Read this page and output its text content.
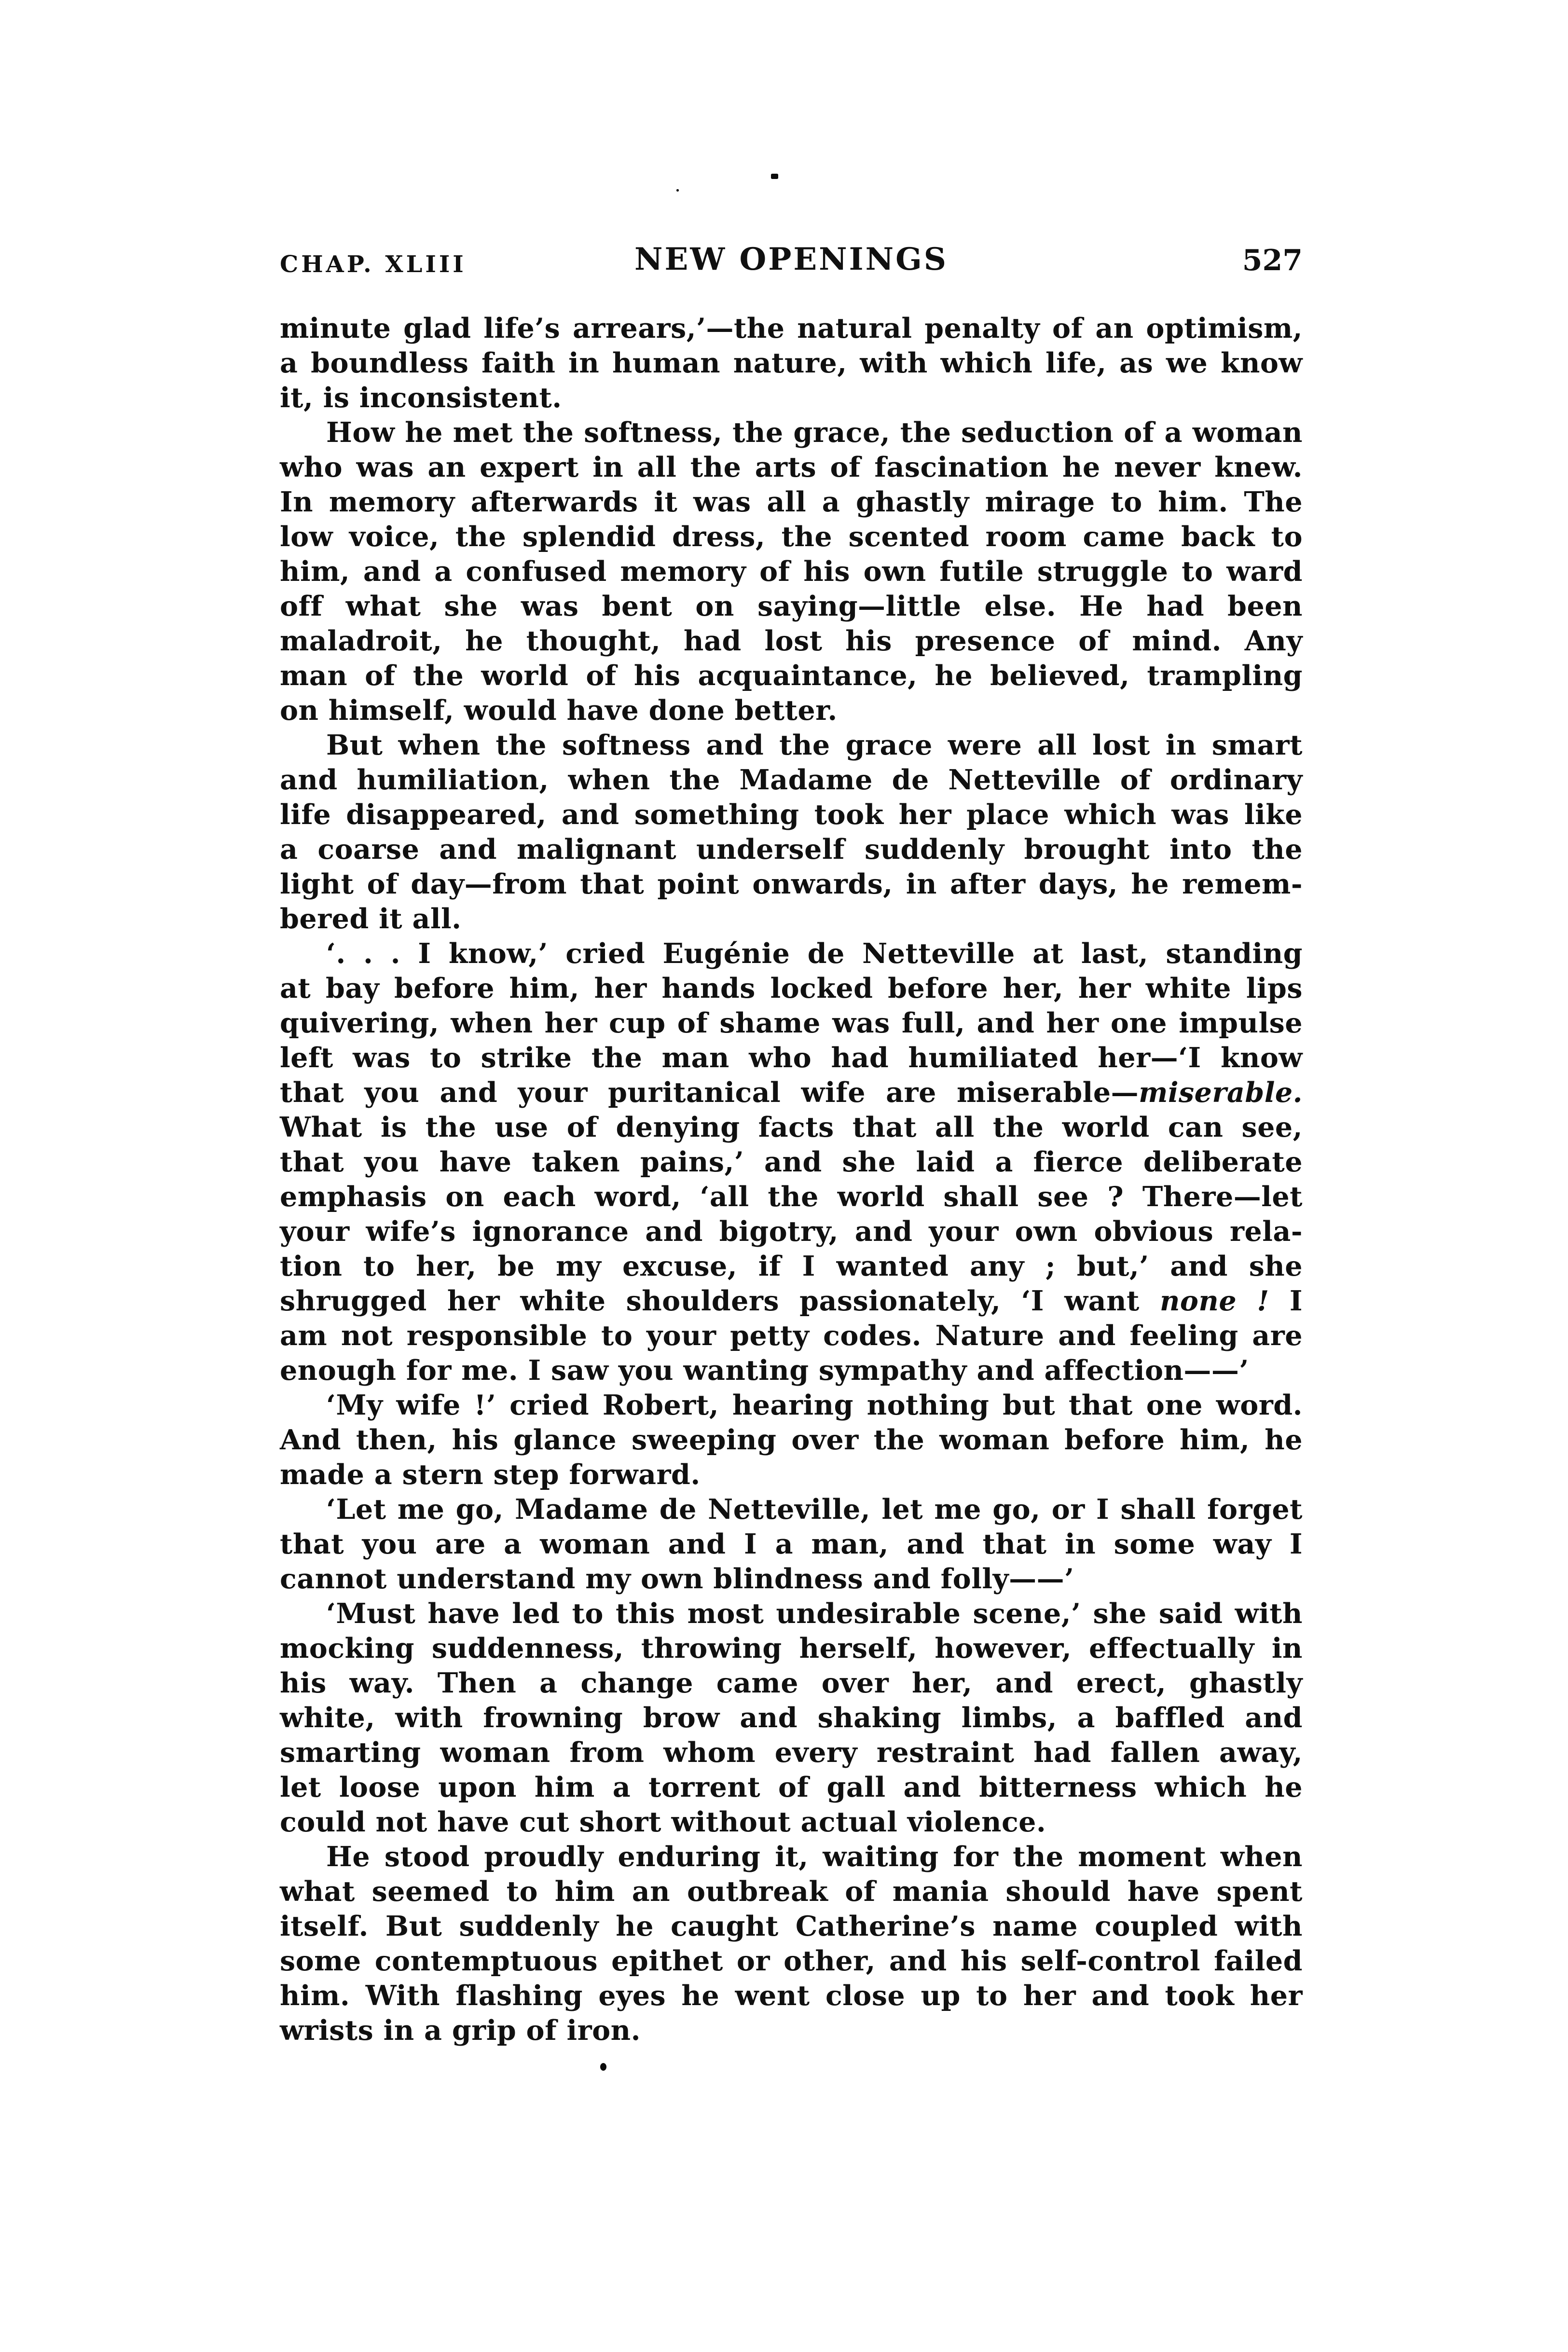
CHAP. XLIII	NEW OPENINGS	527
minute glad life’s arrears,’—the natural penalty of an optimism,
a boundless faith in human nature, with which life, as we know
it, is inconsistent.
How he met the softness, the grace, the seduction of a woman
who was an expert in all the arts of fascination he never knew.
In memory afterwards it was all a ghastly mirage to him. The
low voice, the splendid dress, the scented room came back to
him, and a confused memory of his own futile struggle to ward
off what she was bent on saying—little else. He had been
maladroit, he thought, had lost his presence of mind. Any
man of the world of his acquaintance, he believed, trampling
on himself, would have done better.
But when the softness and the grace were all lost in smart
and humiliation, when the Madame de Netteville of ordinary
life disappeared, and something took her place which was like
a coarse and malignant underself suddenly brought into the
light of day—from that point onwards, in after days, he remem-
bered it all.
‘. . . I know,’ cried Eugénie de Netteville at last, standing
at bay before him, her hands locked before her, her white lips
quivering, when her cup of shame was full, and her one impulse
left was to strike the man who had humiliated her—‘I know
that you and your puritanical wife are miserable—miserable.
What is the use of denying facts that all the world can see,
that you have taken pains,’ and she laid a fierce deliberate
emphasis on each word, ‘all the world shall see ? There—let
your wife’s ignorance and bigotry, and your own obvious rela-
tion to her, be my excuse, if I wanted any ; but,’ and she
shrugged her white shoulders passionately, ‘I want none ! I
am not responsible to your petty codes. Nature and feeling are
enough for me. I saw you wanting sympathy and affection——’
‘My wife !’ cried Robert, hearing nothing but that one word.
And then, his glance sweeping over the woman before him, he
made a stern step forward.
‘Let me go, Madame de Netteville, let me go, or I shall forget
that you are a woman and I a man, and that in some way I
cannot understand my own blindness and folly——’
‘Must have led to this most undesirable scene,’ she said with
mocking suddenness, throwing herself, however, effectually in
his way. Then a change came over her, and erect, ghastly
white, with frowning brow and shaking limbs, a baffled and
smarting woman from whom every restraint had fallen away,
let loose upon him a torrent of gall and bitterness which he
could not have cut short without actual violence.
He stood proudly enduring it, waiting for the moment when
what seemed to him an outbreak of mania should have spent
itself. But suddenly he caught Catherine’s name coupled with
some contemptuous epithet or other, and his self-control failed
him. With flashing eyes he went close up to her and took her
wrists in a grip of iron.
